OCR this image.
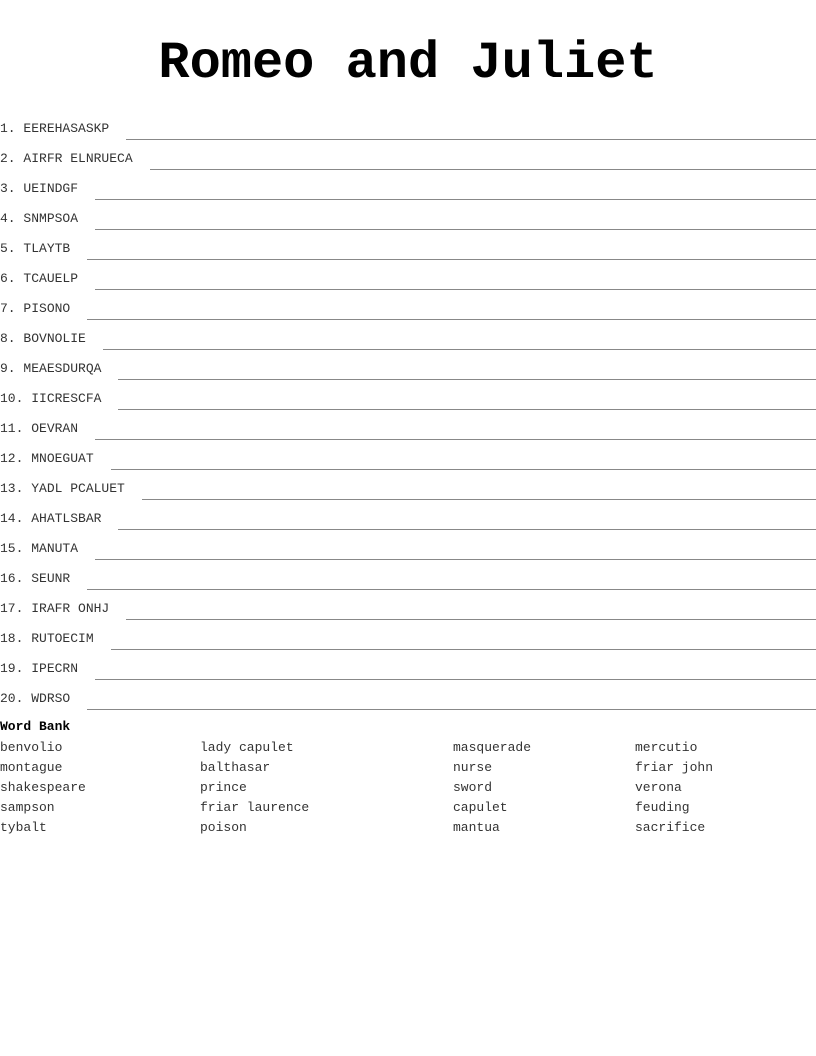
Romeo and Juliet
1.
EEREHASASKP
2.
AIRFR ELNRUECA
3.
UEINDGF
4.
SNMPSOA
5.
TLAYTB
6.
TCAUELP
7.
PISONO
8.
BOVNOLIE
9.
MEAESDURQA
10.
IICRESCFA
11.
OEVRAN
12.
MNOEGUAT
13.
YADL PCALUET
14.
AHATLSBAR
15.
MANUTA
16.
SEUNR
17.
IRAFR ONHJ
18.
RUTOECIM
19.
IPECRN
20.
WDRSO
Word Bank
benvolio	lady capulet	masquerade	mercutio
montague	balthasar	nurse	friar john
shakespeare	prince	sword	verona
sampson	friar laurence	capulet	feuding
tybalt	poison	mantua	sacrifice
